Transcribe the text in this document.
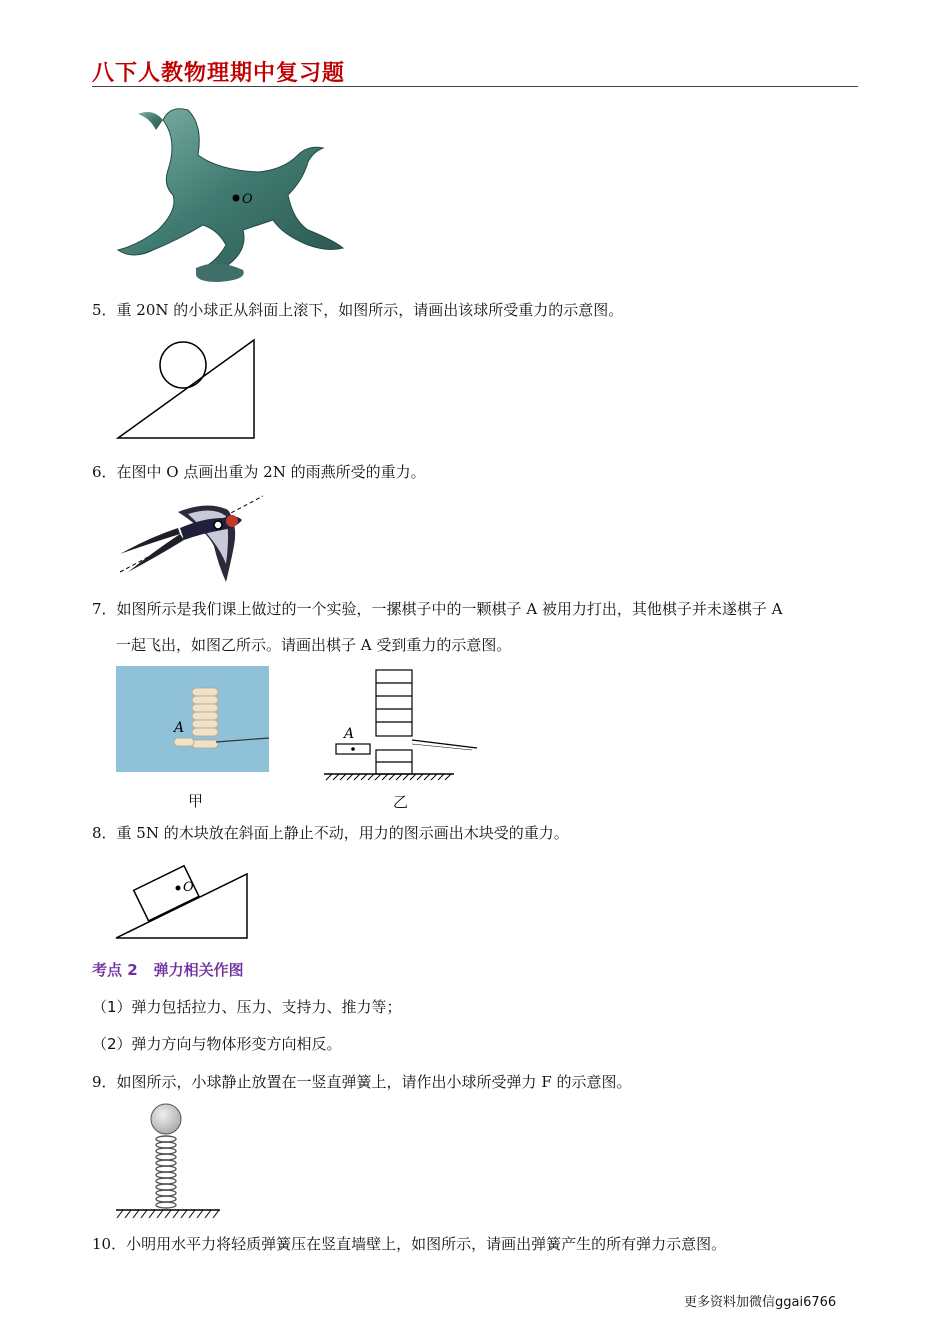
八下人教物理期中复习题
O
5．重 20N 的小球正从斜面上滚下，如图所示，请画出该球所受重力的示意图。
6．在图中 O 点画出重为 2N 的雨燕所受的重力。
7．如图所示是我们课上做过的一个实验，一摞棋子中的一颗棋子 A 被用力打出，其他棋子并未遂棋子 A
一起飞出，如图乙所示。请画出棋子 A 受到重力的示意图。
A
甲
A
乙
8．重 5N 的木块放在斜面上静止不动，用力的图示画出木块受的重力。
O
考点 2 弹力相关作图
（1）弹力包括拉力、压力、支持力、推力等；
（2）弹力方向与物体形变方向相反。
9．如图所示，小球静止放置在一竖直弹簧上，请作出小球所受弹力 F 的示意图。
10．小明用水平力将轻质弹簧压在竖直墙壁上，如图所示，请画出弹簧产生的所有弹力示意图。
更多资料加微信ggai6766
